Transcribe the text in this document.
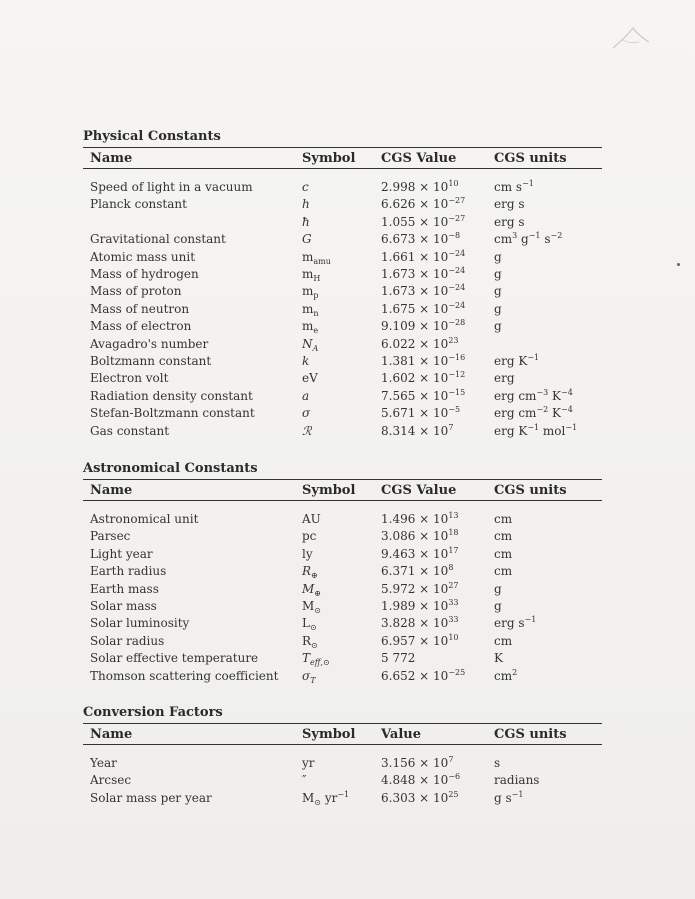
Physical Constants
Name	Symbol	CGS Value	CGS units
Speed of light in a vacuum	c	$2.998 \times 10^{10}$	cm $s^{-1}$
Planck constant	h	$6.626 \times 10^{-27}$	erg s
	ħ	$1.055 \times 10^{-27}$	erg s
Gravitational constant	G	$6.673 \times 10^{-8}$	$cm^3$ $g^{-1}$ $s^{-2}$
Atomic mass unit	$m_{amu}$	$1.661 \times 10^{-24}$	g
Mass of hydrogen	$m_H$	$1.673 \times 10^{-24}$	g
Mass of proton	$m_p$	$1.673 \times 10^{-24}$	g
Mass of neutron	$m_n$	$1.675 \times 10^{-24}$	g
Mass of electron	$m_e$	$9.109 \times 10^{-28}$	g
Avagadro's number	$N_A$	$6.022 \times 10^{23}$	
Boltzmann constant	k	$1.381 \times 10^{-16}$	erg $K^{-1}$
Electron volt	eV	$1.602 \times 10^{-12}$	erg
Radiation density constant	a	$7.565 \times 10^{-15}$	erg $cm^{-3}$ $K^{-4}$
Stefan-Boltzmann constant	σ	$5.671 \times 10^{-5}$	erg $cm^{-2}$ $K^{-4}$
Gas constant	ℛ	$8.314 \times 10^7$	erg $K^{-1}$ mol$^{-1}$
Astronomical Constants
Name	Symbol	CGS Value	CGS units
Astronomical unit	AU	$1.496 \times 10^{13}$	cm
Parsec	pc	$3.086 \times 10^{18}$	cm
Light year	ly	$9.463 \times 10^{17}$	cm
Earth radius	$R_\oplus$	$6.371 \times 10^8$	cm
Earth mass	$M_\oplus$	$5.972 \times 10^{27}$	g
Solar mass	$M_⊙$	$1.989 \times 10^{33}$	g
Solar luminosity	$L_⊙$	$3.828 \times 10^{33}$	erg $s^{-1}$
Solar radius	$R_⊙$	$6.957 \times 10^{10}$	cm
Solar effective temperature	$T_{eff,⊙}$	5 772	K
Thomson scattering coefficient	$\sigma_T$	$6.652 \times 10^{-25}$	$cm^2$
Conversion Factors
Name	Symbol	Value	CGS units
Year	yr	$3.156 \times 10^7$	s
Arcsec	″	$4.848 \times 10^{-6}$	radians
Solar mass per year	$M_⊙$ $yr^{-1}$	$6.303 \times 10^{25}$	g $s^{-1}$
